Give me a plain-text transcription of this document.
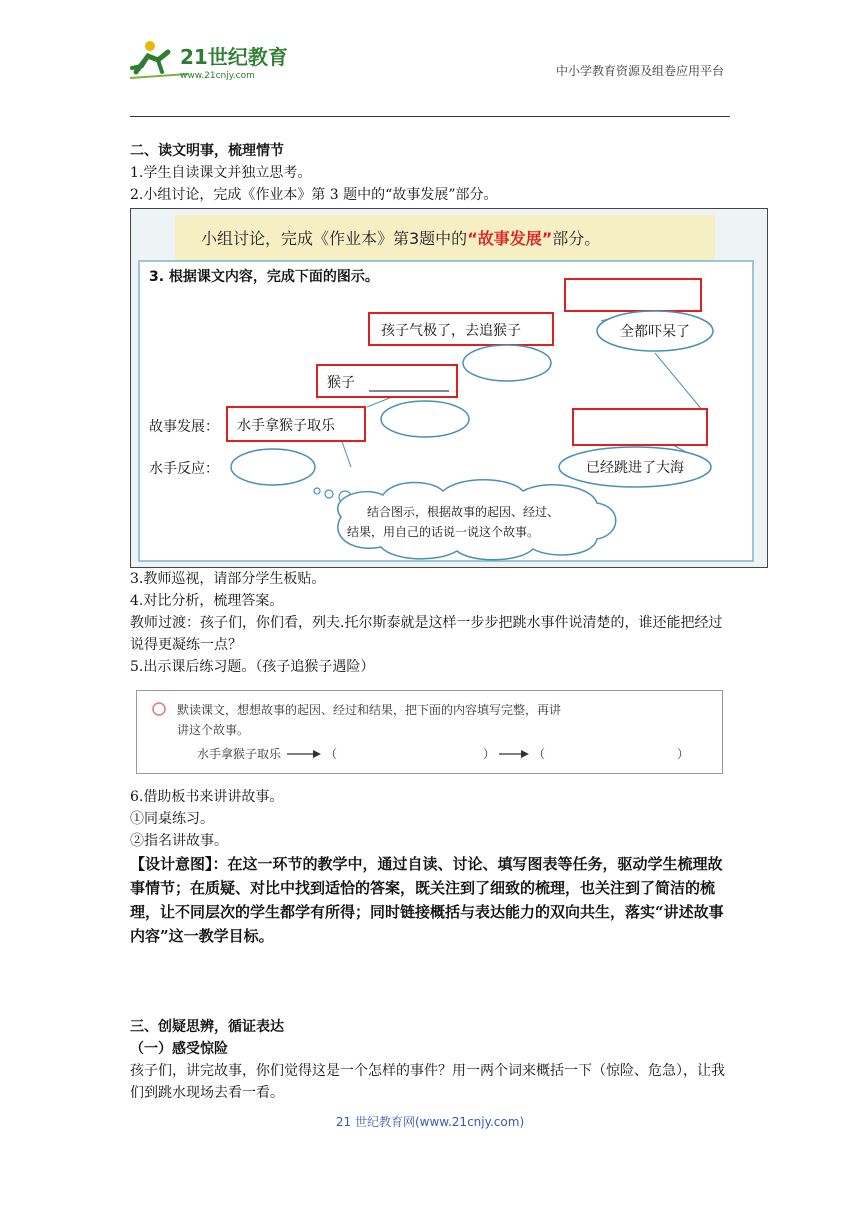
21世纪教育
www.21cnjy.com	中小学教育资源及组卷应用平台
二、读文明事，梳理情节
1.学生自读课文并独立思考。
2.小组讨论，完成《作业本》第 3 题中的“故事发展”部分。
小组讨论，完成《作业本》第3题中的“故事发展”部分。
3. 根据课文内容，完成下面的图示。
孩子气极了，去追猴子
猴子
水手拿猴子取乐
全都吓呆了
已经跳进了大海
故事发展：
水手反应：
结合图示，根据故事的起因、经过、
结果，用自己的话说一说这个故事。
3.教师巡视，请部分学生板贴。
4.对比分析，梳理答案。
教师过渡：孩子们，你们看，列夫.托尔斯泰就是这样一步步把跳水事件说清楚的，谁还能把经过说得更凝练一点？
5.出示课后练习题。（孩子追猴子遇险）
默读课文，想想故事的起因、经过和结果，把下面的内容填写完整，再讲
讲这个故事。
水手拿猴子取乐	（	）	（	）
6.借助板书来讲讲故事。
①同桌练习。
②指名讲故事。
【设计意图】：在这一环节的教学中，通过自读、讨论、填写图表等任务，驱动学生梳理故事情节；在质疑、对比中找到适恰的答案，既关注到了细致的梳理，也关注到了简洁的梳理，让不同层次的学生都学有所得；同时链接概括与表达能力的双向共生，落实“讲述故事内容”这一教学目标。
三、创疑思辨，循证表达
（一）感受惊险
孩子们，讲完故事，你们觉得这是一个怎样的事件？用一两个词来概括一下（惊险、危急），让我们到跳水现场去看一看。
21 世纪教育网(www.21cnjy.com)
